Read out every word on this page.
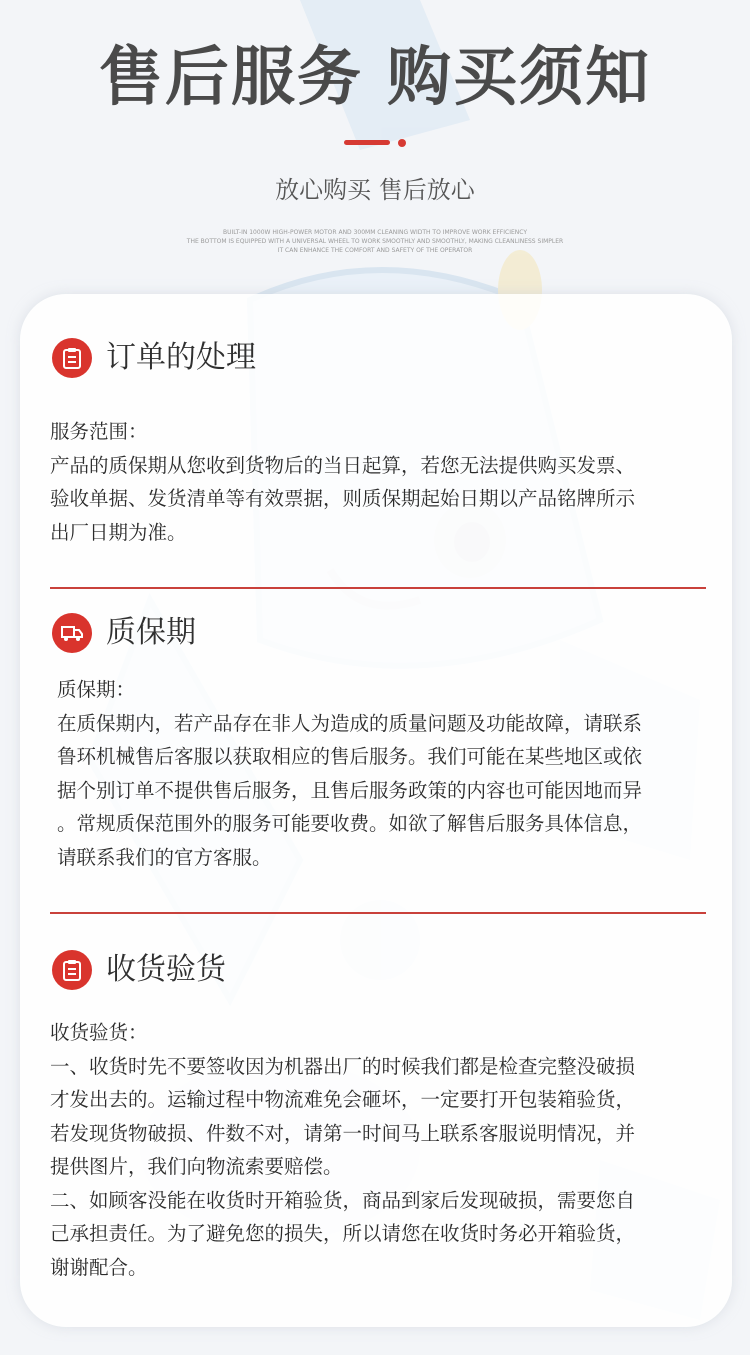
售后服务 购买须知
放心购买 售后放心
BUILT-IN 1000W HIGH-POWER MOTOR AND 300MM CLEANING WIDTH TO IMPROVE WORK EFFICIENCY
THE BOTTOM IS EQUIPPED WITH A UNIVERSAL WHEEL TO WORK SMOOTHLY AND SMOOTHLY, MAKING CLEANLINESS SIMPLER
IT CAN ENHANCE THE COMFORT AND SAFETY OF THE OPERATOR
订单的处理

服务范围：

产品的质保期从您收到货物后的当日起算，若您无法提供购买发票、

验收单据、发货清单等有效票据，则质保期起始日期以产品铭牌所示

出厂日期为准。

质保期

质保期：

在质保期内，若产品存在非人为造成的质量问题及功能故障，请联系

鲁环机械售后客服以获取相应的售后服务。我们可能在某些地区或依

据个别订单不提供售后服务，且售后服务政策的内容也可能因地而异

。常规质保范围外的服务可能要收费。如欲了解售后服务具体信息，

请联系我们的官方客服。

收货验货

收货验货：

一、收货时先不要签收因为机器出厂的时候我们都是检查完整没破损

才发出去的。运输过程中物流难免会砸坏，一定要打开包装箱验货，

若发现货物破损、件数不对，请第一时间马上联系客服说明情况，并

提供图片，我们向物流索要赔偿。

二、如顾客没能在收货时开箱验货，商品到家后发现破损，需要您自

己承担责任。为了避免您的损失，所以请您在收货时务必开箱验货，

谢谢配合。
